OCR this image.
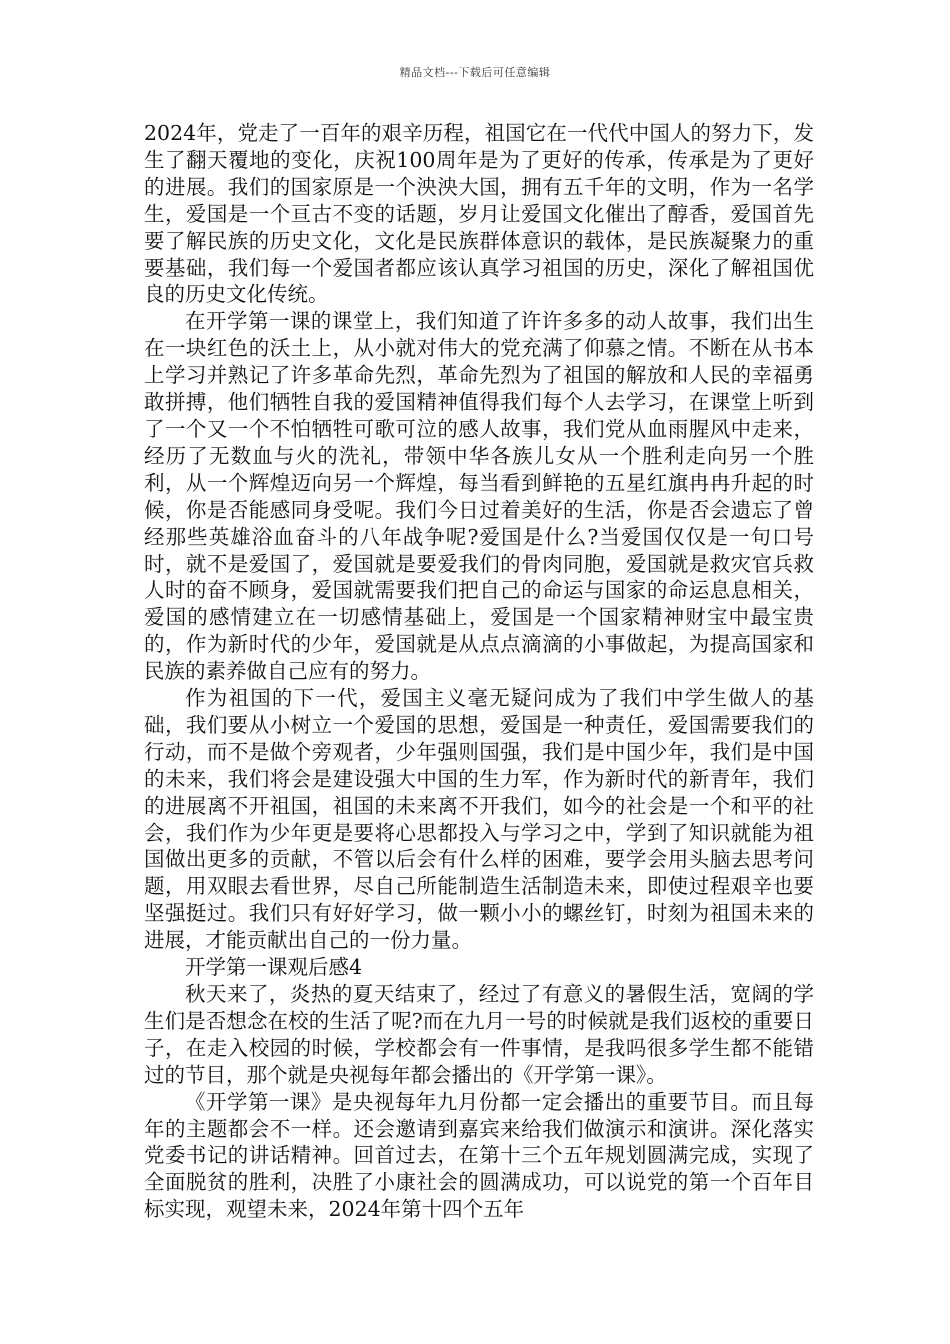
精品文档---下载后可任意编辑

2024年，党走了一百年的艰辛历程，祖国它在一代代中国人的努力下，发生了翻天覆地的变化，庆祝100周年是为了更好的传承，传承是为了更好的进展。我们的国家原是一个泱泱大国，拥有五千年的文明，作为一名学生，爱国是一个亘古不变的话题，岁月让爱国文化催出了醇香，爱国首先要了解民族的历史文化，文化是民族群体意识的载体，是民族凝聚力的重要基础，我们每一个爱国者都应该认真学习祖国的历史，深化了解祖国优良的历史文化传统。

在开学第一课的课堂上，我们知道了许许多多的动人故事，我们出生在一块红色的沃土上，从小就对伟大的党充满了仰慕之情。不断在从书本上学习并熟记了许多革命先烈，革命先烈为了祖国的解放和人民的幸福勇敢拼搏，他们牺牲自我的爱国精神值得我们每个人去学习，在课堂上听到了一个又一个不怕牺牲可歌可泣的感人故事，我们党从血雨腥风中走来，经历了无数血与火的洗礼，带领中华各族儿女从一个胜利走向另一个胜利，从一个辉煌迈向另一个辉煌，每当看到鲜艳的五星红旗冉冉升起的时候，你是否能感同身受呢。我们今日过着美好的生活，你是否会遗忘了曾经那些英雄浴血奋斗的八年战争呢?爱国是什么?当爱国仅仅是一句口号时，就不是爱国了，爱国就是要爱我们的骨肉同胞，爱国就是救灾官兵救人时的奋不顾身，爱国就需要我们把自己的命运与国家的命运息息相关，爱国的感情建立在一切感情基础上，爱国是一个国家精神财宝中最宝贵的，作为新时代的少年，爱国就是从点点滴滴的小事做起，为提高国家和民族的素养做自己应有的努力。

作为祖国的下一代，爱国主义毫无疑问成为了我们中学生做人的基础，我们要从小树立一个爱国的思想，爱国是一种责任，爱国需要我们的行动，而不是做个旁观者，少年强则国强，我们是中国少年，我们是中国的未来，我们将会是建设强大中国的生力军，作为新时代的新青年，我们的进展离不开祖国，祖国的未来离不开我们，如今的社会是一个和平的社会，我们作为少年更是要将心思都投入与学习之中，学到了知识就能为祖国做出更多的贡献，不管以后会有什么样的困难，要学会用头脑去思考问题，用双眼去看世界，尽自己所能制造生活制造未来，即使过程艰辛也要坚强挺过。我们只有好好学习，做一颗小小的螺丝钉，时刻为祖国未来的进展，才能贡献出自己的一份力量。

开学第一课观后感4

秋天来了，炎热的夏天结束了，经过了有意义的暑假生活，宽阔的学生们是否想念在校的生活了呢?而在九月一号的时候就是我们返校的重要日子，在走入校园的时候，学校都会有一件事情，是我吗很多学生都不能错过的节目，那个就是央视每年都会播出的《开学第一课》。

《开学第一课》是央视每年九月份都一定会播出的重要节目。而且每年的主题都会不一样。还会邀请到嘉宾来给我们做演示和演讲。深化落实党委书记的讲话精神。回首过去，在第十三个五年规划圆满完成，实现了全面脱贫的胜利，决胜了小康社会的圆满成功，可以说党的第一个百年目标实现，观望未来，2024年第十四个五年
